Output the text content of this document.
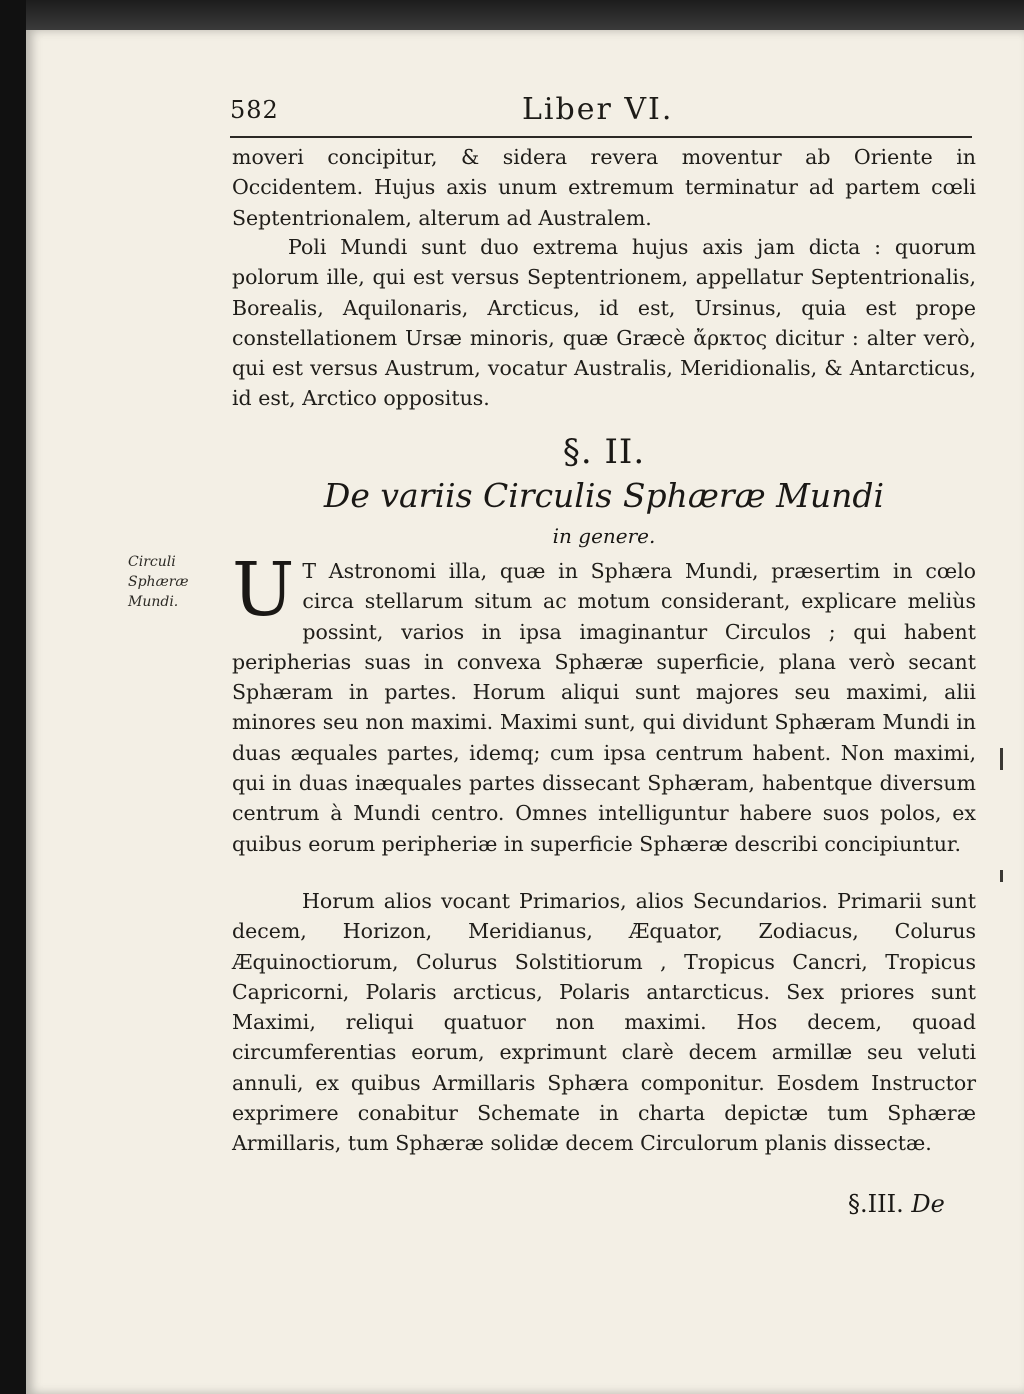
582	Liber VI.
moveri concipitur, & sidera revera moventur ab Oriente in Occidentem. Hujus axis unum extremum terminatur ad partem cœli Septentrionalem, alterum ad Australem.
Poli Mundi sunt duo extrema hujus axis jam dicta : quorum polorum ille, qui est versus Septentrionem, appellatur Septentrionalis, Borealis, Aquilonaris, Arcticus, id est, Ursinus, quia est prope constellationem Ursæ minoris, quæ Græcè ἄρκτος dicitur : alter verò, qui est versus Austrum, vocatur Australis, Meridionalis, & Antarcticus, id est, Arctico oppositus.
§. II.
De variis Circulis Sphæræ Mundi
in genere.
Circuli Sphæræ Mundi. U T Astronomi illa, quæ in Sphæra Mundi, præsertim in cœlo circa stellarum situm ac motum considerant, explicare meliùs possint, varios in ipsa imaginantur Circulos ; qui habent peripherias suas in convexa Sphæræ superficie, plana verò secant Sphæram in partes. Horum aliqui sunt majores seu maximi, alii minores seu non maximi. Maximi sunt, qui dividunt Sphæram Mundi in duas æquales partes, idemq; cum ipsa centrum habent. Non maximi, qui in duas inæquales partes dissecant Sphæram, habentque diversum centrum à Mundi centro. Omnes intelliguntur habere suos polos, ex quibus eorum peripheriæ in superficie Sphæræ describi concipiuntur.
Horum alios vocant Primarios, alios Secundarios. Primarii sunt decem, Horizon, Meridianus, Æquator, Zodiacus, Colurus Æquinoctiorum, Colurus Solstitiorum , Tropicus Cancri, Tropicus Capricorni, Polaris arcticus, Polaris antarcticus. Sex priores sunt Maximi, reliqui quatuor non maximi. Hos decem, quoad circumferentias eorum, exprimunt clarè decem armillæ seu veluti annuli, ex quibus Armillaris Sphæra componitur. Eosdem Instructor exprimere conabitur Schemate in charta depictæ tum Sphæræ Armillaris, tum Sphæræ solidæ decem Circulorum planis dissectæ.
§.III. De
